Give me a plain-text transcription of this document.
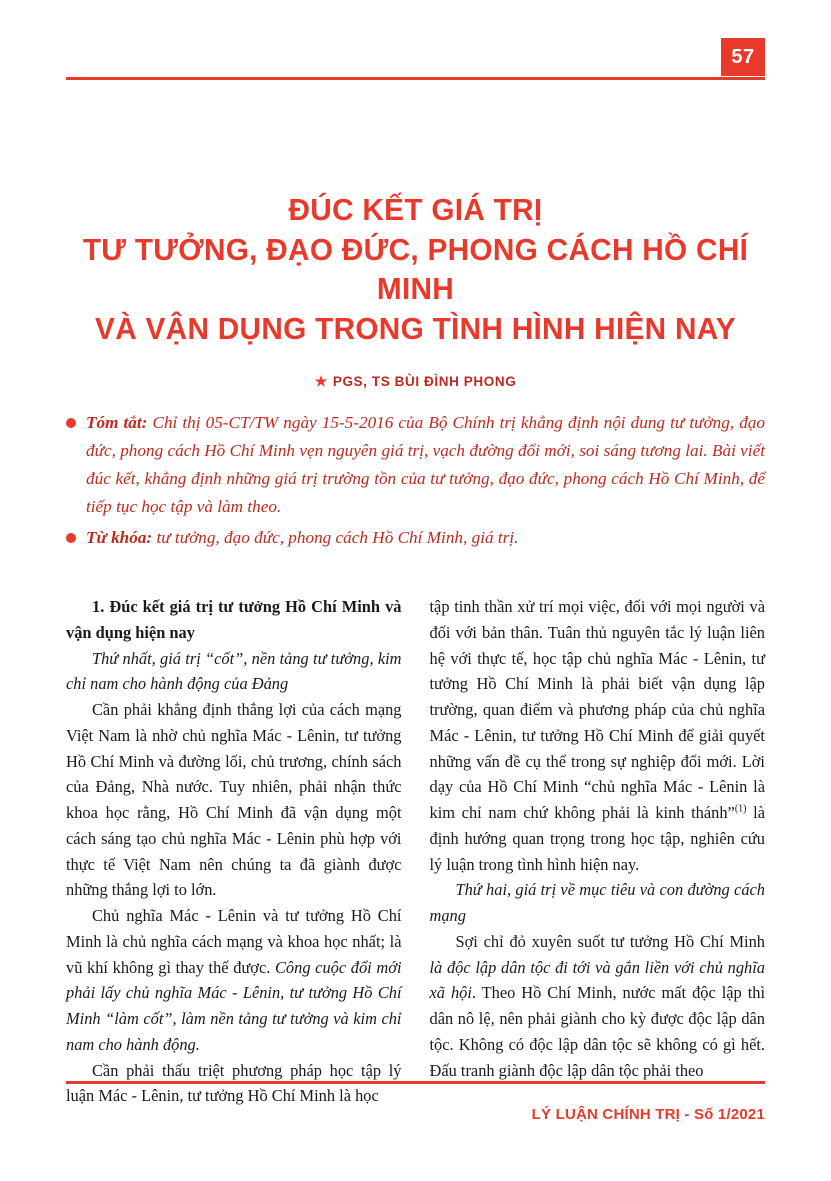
57
ĐÚC KẾT GIÁ TRỊ
TƯ TƯỞNG, ĐẠO ĐỨC, PHONG CÁCH HỒ CHÍ MINH
VÀ VẬN DỤNG TRONG TÌNH HÌNH HIỆN NAY
★ PGS, TS BÙI ĐÌNH PHONG
Tóm tắt: Chỉ thị 05-CT/TW ngày 15-5-2016 của Bộ Chính trị khẳng định nội dung tư tưởng, đạo đức, phong cách Hồ Chí Minh vẹn nguyên giá trị, vạch đường đổi mới, soi sáng tương lai. Bài viết đúc kết, khẳng định những giá trị trường tồn của tư tưởng, đạo đức, phong cách Hồ Chí Minh, để tiếp tục học tập và làm theo.
Từ khóa: tư tưởng, đạo đức, phong cách Hồ Chí Minh, giá trị.

1. Đúc kết giá trị tư tưởng Hồ Chí Minh và vận dụng hiện nay

Thứ nhất, giá trị “cốt”, nền tảng tư tưởng, kim chỉ nam cho hành động của Đảng

Cần phải khẳng định thắng lợi của cách mạng Việt Nam là nhờ chủ nghĩa Mác - Lênin, tư tưởng Hồ Chí Minh và đường lối, chủ trương, chính sách của Đảng, Nhà nước. Tuy nhiên, phải nhận thức khoa học rằng, Hồ Chí Minh đã vận dụng một cách sáng tạo chủ nghĩa Mác - Lênin phù hợp với thực tế Việt Nam nên chúng ta đã giành được những thắng lợi to lớn.

Chủ nghĩa Mác - Lênin và tư tưởng Hồ Chí Minh là chủ nghĩa cách mạng và khoa học nhất; là vũ khí không gì thay thế được. Công cuộc đổi mới phải lấy chủ nghĩa Mác - Lênin, tư tưởng Hồ Chí Minh “làm cốt”, làm nền tảng tư tưởng và kim chỉ nam cho hành động.

Cần phải thấu triệt phương pháp học tập lý luận Mác - Lênin, tư tưởng Hồ Chí Minh là học

tập tinh thần xử trí mọi việc, đối với mọi người và đối với bản thân. Tuân thủ nguyên tắc lý luận liên hệ với thực tế, học tập chủ nghĩa Mác - Lênin, tư tưởng Hồ Chí Minh là phải biết vận dụng lập trường, quan điểm và phương pháp của chủ nghĩa Mác - Lênin, tư tưởng Hồ Chí Minh để giải quyết những vấn đề cụ thể trong sự nghiệp đổi mới. Lời dạy của Hồ Chí Minh “chủ nghĩa Mác - Lênin là kim chỉ nam chứ không phải là kinh thánh”$^{(1)}$ là định hướng quan trọng trong học tập, nghiên cứu lý luận trong tình hình hiện nay.

Thứ hai, giá trị về mục tiêu và con đường cách mạng

Sợi chỉ đỏ xuyên suốt tư tưởng Hồ Chí Minh là độc lập dân tộc đi tới và gắn liền với chủ nghĩa xã hội. Theo Hồ Chí Minh, nước mất độc lập thì dân nô lệ, nên phải giành cho kỳ được độc lập dân tộc. Không có độc lập dân tộc sẽ không có gì hết. Đấu tranh giành độc lập dân tộc phải theo

LÝ LUẬN CHÍNH TRỊ - Số 1/2021
